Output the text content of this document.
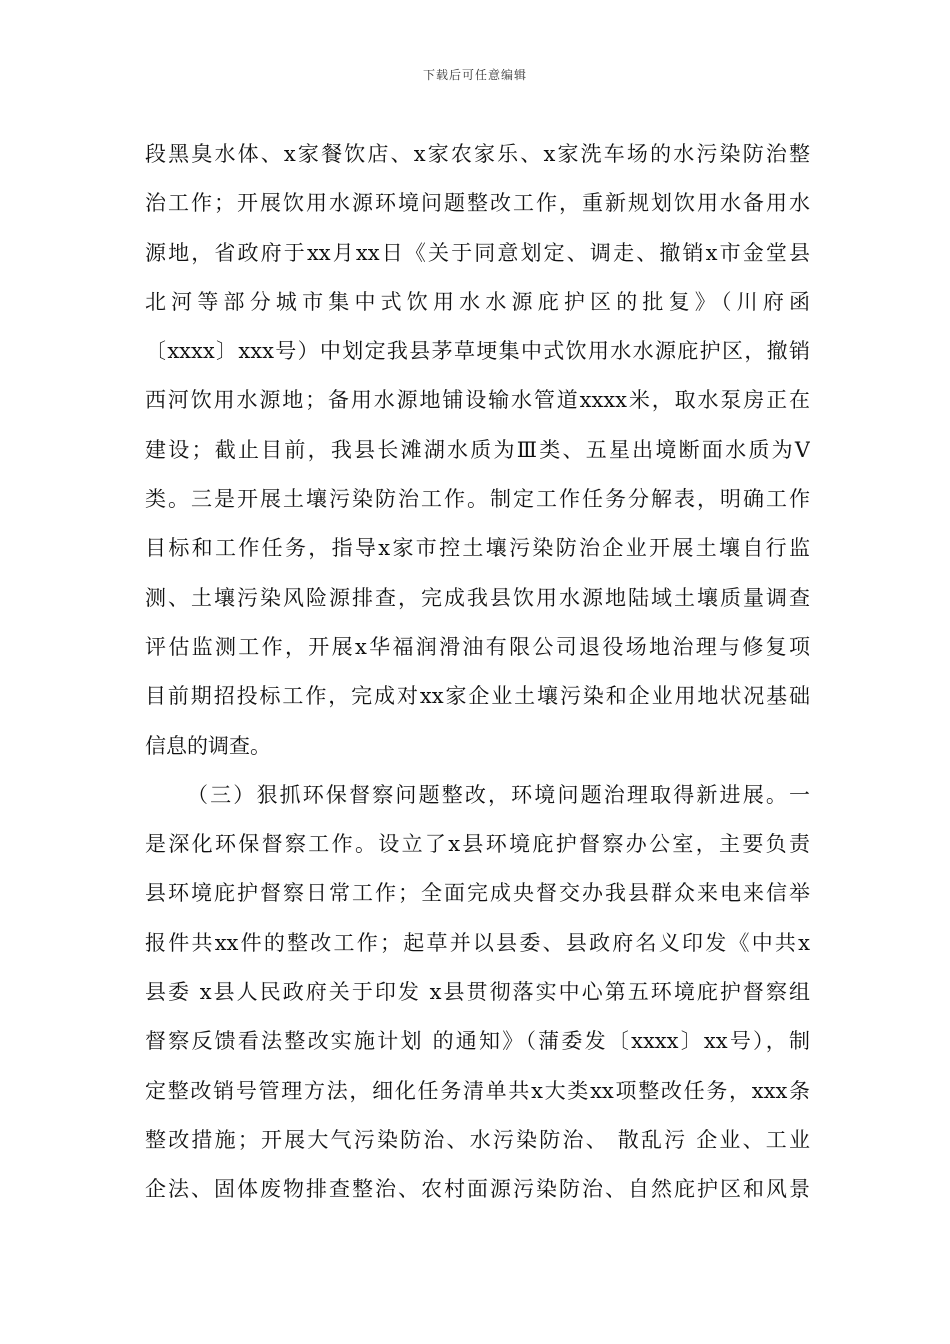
下载后可任意编辑
段黑臭水体、x家餐饮店、x家农家乐、x家洗车场的水污染防治整
治工作；开展饮用水源环境问题整改工作，重新规划饮用水备用水
源地，省政府于xx月xx日《关于同意划定、调走、撤销x市金堂县
北河等部分城市集中式饮用水水源庇护区的批复》（川府函
〔xxxx〕xxx号）中划定我县茅草埂集中式饮用水水源庇护区，撤销
西河饮用水源地；备用水源地铺设输水管道xxxx米，取水泵房正在
建设；截止目前，我县长滩湖水质为Ⅲ类、五星出境断面水质为Ⅴ
类。三是开展土壤污染防治工作。制定工作任务分解表，明确工作
目标和工作任务，指导x家市控土壤污染防治企业开展土壤自行监
测、土壤污染风险源排查，完成我县饮用水源地陆域土壤质量调查
评估监测工作，开展x华福润滑油有限公司退役场地治理与修复项
目前期招投标工作，完成对xx家企业土壤污染和企业用地状况基础
信息的调查。
（三）狠抓环保督察问题整改，环境问题治理取得新进展。一
是深化环保督察工作。设立了x县环境庇护督察办公室，主要负责
县环境庇护督察日常工作；全面完成央督交办我县群众来电来信举
报件共xx件的整改工作；起草并以县委、县政府名义印发《中共x
县委 x县人民政府关于印发 x县贯彻落实中心第五环境庇护督察组
督察反馈看法整改实施计划 的通知》（蒲委发〔xxxx〕xx号），制
定整改销号管理方法，细化任务清单共x大类xx项整改任务，xxx条
整改措施；开展大气污染防治、水污染防治、 散乱污 企业、工业
企法、固体废物排查整治、农村面源污染防治、自然庇护区和风景
